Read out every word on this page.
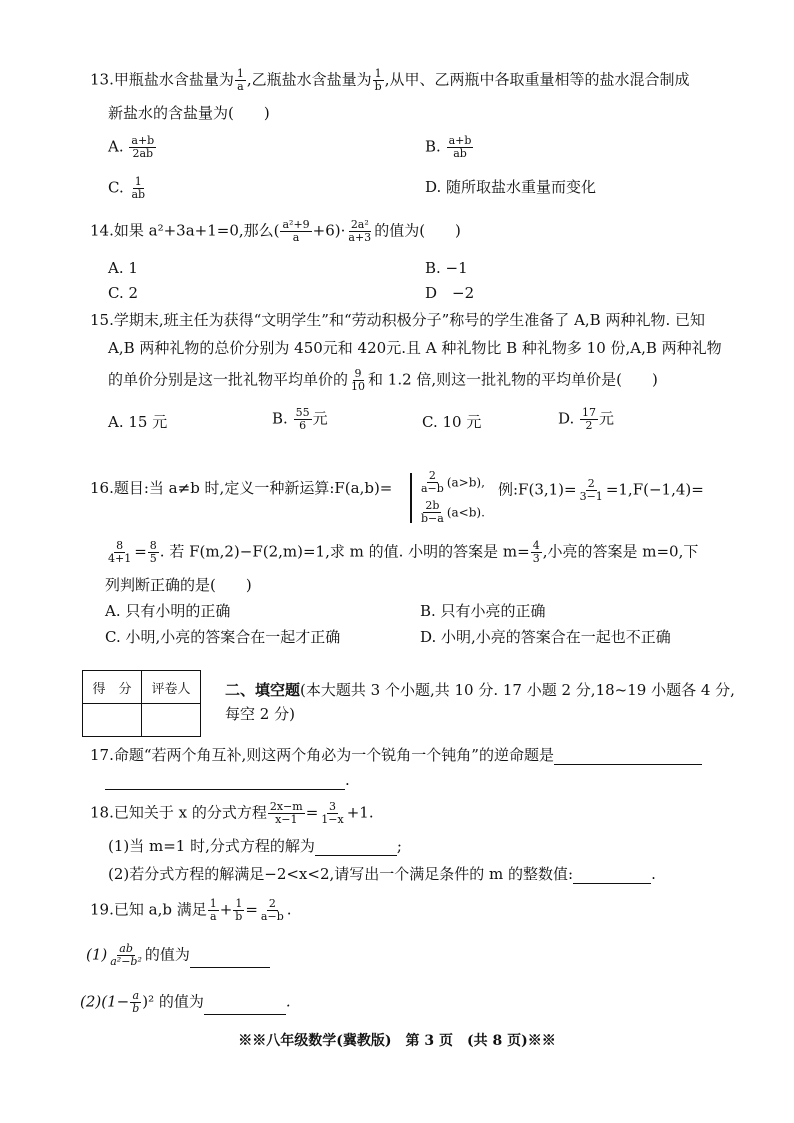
13.甲瓶盐水含盐量为 $\frac{1}{a}$ ,乙瓶盐水含盐量为 $\frac{1}{b}$ ,从甲、乙两瓶中各取重量相等的盐水混合制成
新盐水的含盐量为(　　)
A. $\frac{a+b}{2ab}$	B. $\frac{a+b}{ab}$
C. $\frac{1}{ab}$	D. 随所取盐水重量而变化
14.如果 a²+3a+1=0,那么( $\frac{\text{a²+9}}{a} +6)\cdot \frac{\text{2a²}}{a+3}$ 的值为(　　)
A. 1	B. −1
C. 2	D　−2
15.学期末,班主任为获得“文明学生”和“劳动积极分子”称号的学生准备了 A,B 两种礼物. 已知
A,B 两种礼物的总价分别为 450元和 420元.且 A 种礼物比 B 种礼物多 10 份,A,B 两种礼物
的单价分别是这一批礼物平均单价的 $\frac{9}{10}$ 和 1.2 倍,则这一批礼物的平均单价是(　　)
A. 15 元	B. $\frac{55}{6}$ 元	C. 10 元	D. $\frac{17}{2}$ 元
16.题目:当 a≠b 时,定义一种新运算:F(a,b)= $\frac{2}{a-b} (a>b)$,
$\frac{2b}{b-a} (a<b)$.
例:F(3,1)= $\frac{2}{3-1} =1,F(-1,4)=$
$\frac{8}{4+1} = \frac{8}{5}$ . 若 F(m,2)−F(2,m)=1,求 m 的值. 小明的答案是 $m= \frac{4}{3}$ ,小亮的答案是 m=0,下
列判断正确的是(　　)
A. 只有小明的正确	B. 只有小亮的正确
C. 小明,小亮的答案合在一起才正确	D. 小明,小亮的答案合在一起也不正确
得　分	评卷人
	二、填空题(本大题共 3 个小题,共 10 分. 17 小题 2 分,18~19 小题各 4 分,
每空 2 分)
17.命题“若两个角互补,则这两个角必为一个锐角一个钝角”的逆命题是
.
18.已知关于 x 的分式方程 $\frac{2x-m}{x-1} = \frac{3}{1-x} +1$.
(1)当 m=1 时,分式方程的解为	;
(2)若分式方程的解满足−2<x<2,请写出一个满足条件的 m 的整数值:	.
19.已知 a,b 满足 $\frac{1}{a} + \frac{1}{b} = \frac{2}{a-b}$ .
$(1) \frac{ab}{\text{a²−b²}}$ 的值为
$(2)(1- \frac{a}{b} )^2$ 的值为	.
※※八年级数学(冀教版)　第 3 页　(共 8 页)※※
